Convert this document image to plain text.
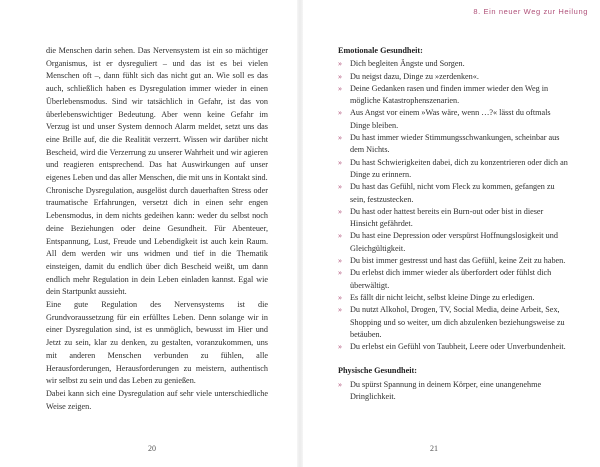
die Menschen darin sehen. Das Nervensystem ist ein so mächtiger Organismus, ist er dysreguliert – und das ist es bei vielen Menschen oft –, dann fühlt sich das nicht gut an. Wie soll es das auch, schließlich haben es Dysregulation immer wieder in einen Überlebensmodus. Sind wir tatsächlich in Gefahr, ist das von überlebenswichtiger Bedeutung. Aber wenn keine Gefahr im Verzug ist und unser System dennoch Alarm meldet, setzt uns das eine Brille auf, die die Realität verzerrt. Wissen wir darüber nicht Bescheid, wird die Verzerrung zu unserer Wahrheit und wir agieren und reagieren entsprechend. Das hat Auswirkungen auf unser eigenes Leben und das aller Menschen, die mit uns in Kontakt sind.

Chronische Dysregulation, ausgelöst durch dauerhaften Stress oder traumatische Erfahrungen, versetzt dich in einen sehr engen Lebensmodus, in dem nichts gedeihen kann: weder du selbst noch deine Beziehungen oder deine Gesundheit. Für Abenteuer, Entspannung, Lust, Freude und Lebendigkeit ist auch kein Raum. All dem werden wir uns widmen und tief in die Thematik einsteigen, damit du endlich über dich Bescheid weißt, um dann endlich mehr Regulation in dein Leben einladen kannst. Egal wie dein Startpunkt aussieht.

Eine gute Regulation des Nervensystems ist die Grundvoraussetzung für ein erfülltes Leben. Denn solange wir in einer Dysregulation sind, ist es unmöglich, bewusst im Hier und Jetzt zu sein, klar zu denken, zu gestalten, voranzukommen, uns mit anderen Menschen verbunden zu fühlen, alle Herausforderungen, Herausforderungen zu meistern, authentisch wir selbst zu sein und das Leben zu genießen.

Dabei kann sich eine Dysregulation auf sehr viele unterschiedliche Weise zeigen.

20
8. Ein neuer Weg zur Heilung
Emotionale Gesundheit:
» Dich begleiten Ängste und Sorgen.
» Du neigst dazu, Dinge zu »zerdenken«.
» Deine Gedanken rasen und finden immer wieder den Weg in mögliche Katastrophenszenarien.
» Aus Angst vor einem »Was wäre, wenn …?« lässt du oftmals Dinge bleiben.
» Du hast immer wieder Stimmungsschwankungen, scheinbar aus dem Nichts.
» Du hast Schwierigkeiten dabei, dich zu konzentrieren oder dich an Dinge zu erinnern.
» Du hast das Gefühl, nicht vom Fleck zu kommen, gefangen zu sein, festzustecken.
» Du hast oder hattest bereits ein Burn-out oder bist in dieser Hinsicht gefährdet.
» Du hast eine Depression oder verspürst Hoffnungslosigkeit und Gleichgültigkeit.
» Du bist immer gestresst und hast das Gefühl, keine Zeit zu haben.
» Du erlebst dich immer wieder als überfordert oder fühlst dich überwältigt.
» Es fällt dir nicht leicht, selbst kleine Dinge zu erledigen.
» Du nutzt Alkohol, Drogen, TV, Social Media, deine Arbeit, Sex, Shopping und so weiter, um dich abzulenken beziehungsweise zu betäuben.
» Du erlebst ein Gefühl von Taubheit, Leere oder Unverbundenheit.
Physische Gesundheit:
» Du spürst Spannung in deinem Körper, eine unangenehme Dringlichkeit.
21
